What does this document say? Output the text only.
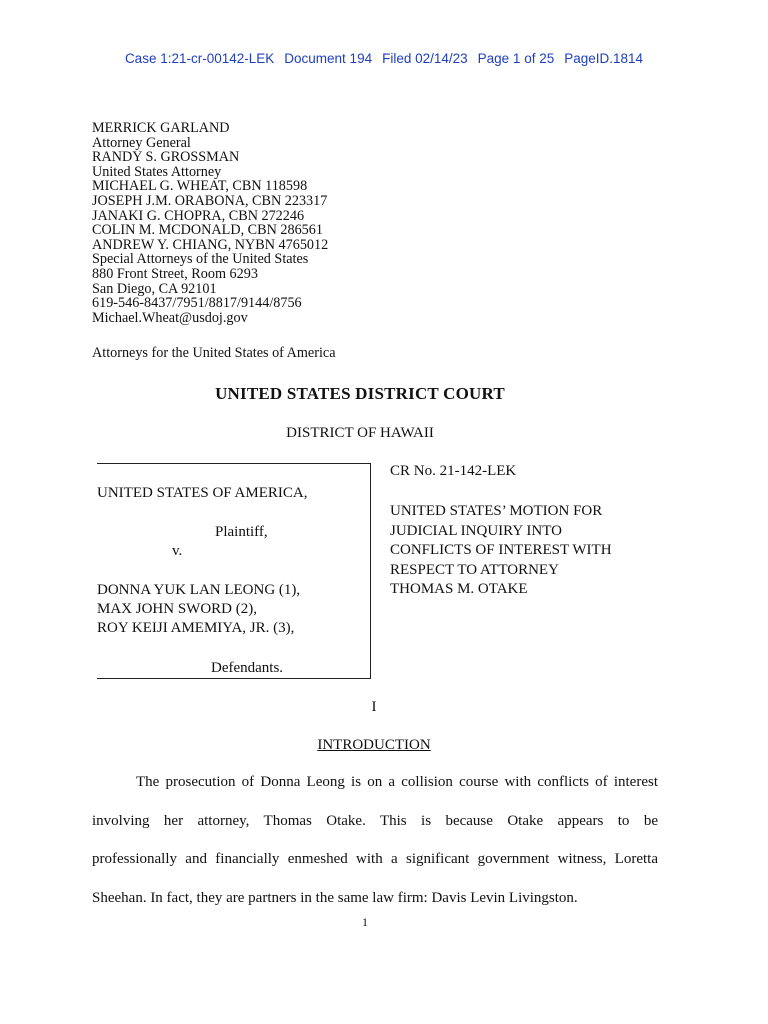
Case 1:21-cr-00142-LEK Document 194 Filed 02/14/23 Page 1 of 25 PageID.1814
MERRICK GARLAND
Attorney General
RANDY S. GROSSMAN
United States Attorney
MICHAEL G. WHEAT, CBN 118598
JOSEPH J.M. ORABONA, CBN 223317
JANAKI G. CHOPRA, CBN 272246
COLIN M. MCDONALD, CBN 286561
ANDREW Y. CHIANG, NYBN 4765012
Special Attorneys of the United States
880 Front Street, Room 6293
San Diego, CA 92101
619-546-8437/7951/8817/9144/8756
Michael.Wheat@usdoj.gov
Attorneys for the United States of America
UNITED STATES DISTRICT COURT
DISTRICT OF HAWAII
UNITED STATES OF AMERICA,
Plaintiff,
v.
DONNA YUK LAN LEONG (1),
MAX JOHN SWORD (2),
ROY KEIJI AMEMIYA, JR. (3),
Defendants.
CR No. 21-142-LEK
UNITED STATES’ MOTION FOR
JUDICIAL INQUIRY INTO
CONFLICTS OF INTEREST WITH
RESPECT TO ATTORNEY
THOMAS M. OTAKE
I
INTRODUCTION
The prosecution of Donna Leong is on a collision course with conflicts of interest
involving her attorney, Thomas Otake. This is because Otake appears to be
professionally and financially enmeshed with a significant government witness, Loretta
Sheehan. In fact, they are partners in the same law firm: Davis Levin Livingston.
1
